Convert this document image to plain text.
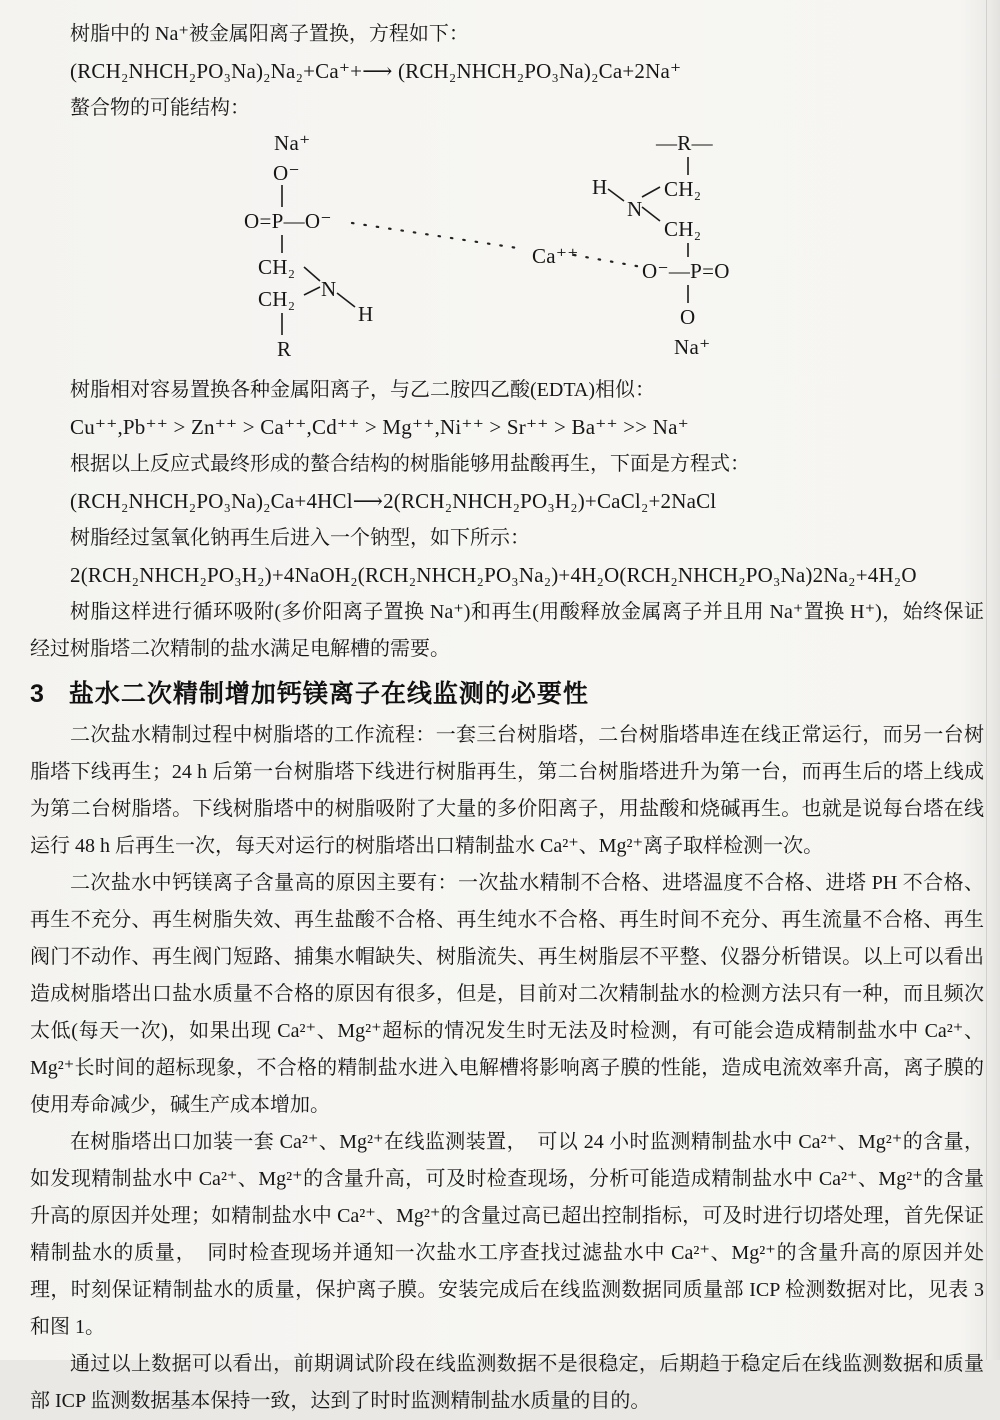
树脂中的 Na⁺被金属阳离子置换，方程如下：

(RCH₂NHCH₂PO₃Na)₂Na₂+Ca⁺+⟶ (RCH₂NHCH₂PO₃Na)₂Ca+2Na⁺

螯合物的可能结构：

Na⁺
O⁻
O=P—O⁻
CH₂
CH₂ N
H
R
Ca⁺⁺
—R—
H
N
CH₂
CH₂
O⁻—P=O
O
Na⁺

树脂相对容易置换各种金属阳离子，与乙二胺四乙酸(EDTA)相似：

Cu⁺⁺,Pb⁺⁺ > Zn⁺⁺ > Ca⁺⁺,Cd⁺⁺ > Mg⁺⁺,Ni⁺⁺ > Sr⁺⁺ > Ba⁺⁺ >> Na⁺

根据以上反应式最终形成的螯合结构的树脂能够用盐酸再生，下面是方程式：

(RCH₂NHCH₂PO₃Na)₂Ca+4HCl⟶2(RCH₂NHCH₂PO₃H₂)+CaCl₂+2NaCl

树脂经过氢氧化钠再生后进入一个钠型，如下所示：

2(RCH₂NHCH₂PO₃H₂)+4NaOH₂(RCH₂NHCH₂PO₃Na₂)+4H₂O(RCH₂NHCH₂PO₃Na)2Na₂+4H₂O

树脂这样进行循环吸附(多价阳离子置换 Na⁺)和再生(用酸释放金属离子并且用 Na⁺置换 H⁺)，始终保证经过树脂塔二次精制的盐水满足电解槽的需要。

3 盐水二次精制增加钙镁离子在线监测的必要性

二次盐水精制过程中树脂塔的工作流程：一套三台树脂塔，二台树脂塔串连在线正常运行，而另一台树脂塔下线再生；24 h 后第一台树脂塔下线进行树脂再生，第二台树脂塔进升为第一台，而再生后的塔上线成为第二台树脂塔。下线树脂塔中的树脂吸附了大量的多价阳离子，用盐酸和烧碱再生。也就是说每台塔在线运行 48 h 后再生一次，每天对运行的树脂塔出口精制盐水 Ca²⁺、Mg²⁺离子取样检测一次。

二次盐水中钙镁离子含量高的原因主要有：一次盐水精制不合格、进塔温度不合格、进塔 PH 不合格、再生不充分、再生树脂失效、再生盐酸不合格、再生纯水不合格、再生时间不充分、再生流量不合格、再生阀门不动作、再生阀门短路、捕集水帽缺失、树脂流失、再生树脂层不平整、仪器分析错误。以上可以看出造成树脂塔出口盐水质量不合格的原因有很多，但是，目前对二次精制盐水的检测方法只有一种，而且频次太低(每天一次)，如果出现 Ca²⁺、Mg²⁺超标的情况发生时无法及时检测，有可能会造成精制盐水中 Ca²⁺、Mg²⁺长时间的超标现象，不合格的精制盐水进入电解槽将影响离子膜的性能，造成电流效率升高，离子膜的使用寿命减少，碱生产成本增加。

在树脂塔出口加装一套 Ca²⁺、Mg²⁺在线监测装置，　可以 24 小时监测精制盐水中 Ca²⁺、Mg²⁺的含量，如发现精制盐水中 Ca²⁺、Mg²⁺的含量升高，可及时检查现场，分析可能造成精制盐水中 Ca²⁺、Mg²⁺的含量升高的原因并处理；如精制盐水中 Ca²⁺、Mg²⁺的含量过高已超出控制指标，可及时进行切塔处理，首先保证精制盐水的质量，　同时检查现场并通知一次盐水工序查找过滤盐水中 Ca²⁺、Mg²⁺的含量升高的原因并处理，时刻保证精制盐水的质量，保护离子膜。安装完成后在线监测数据同质量部 ICP 检测数据对比，见表 3 和图 1。

通过以上数据可以看出，前期调试阶段在线监测数据不是很稳定，后期趋于稳定后在线监测数据和质量部 ICP 监测数据基本保持一致，达到了时时监测精制盐水质量的目的。
